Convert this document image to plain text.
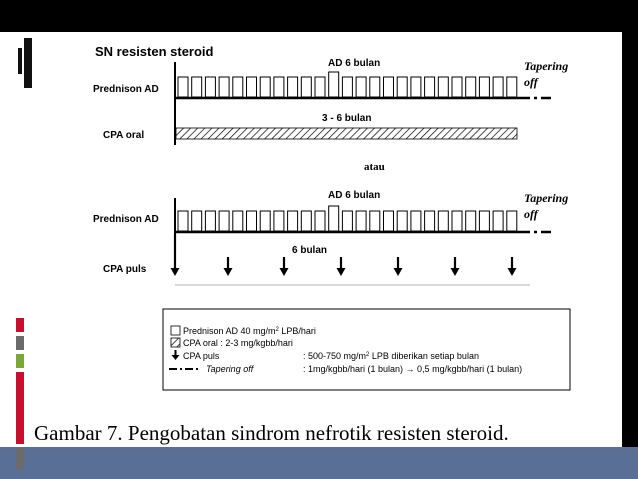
SN resisten steroid
AD 6 bulan
Prednison AD
Tapering
off
3 - 6 bulan
CPA oral
atau
AD 6 bulan
Prednison AD
Tapering
off
6 bulan
CPA puls
Prednison AD 40 $mg/m^2$ LPB/hari
CPA oral : 2-3 mg/kgbb/hari
CPA puls	: 500-750 $mg/m^2$ LPB diberikan setiap bulan
Tapering off	: 1mg/kgbb/hari (1 bulan) → 0,5 mg/kgbb/hari (1 bulan)
Gambar 7. Pengobatan sindrom nefrotik resisten steroid.
